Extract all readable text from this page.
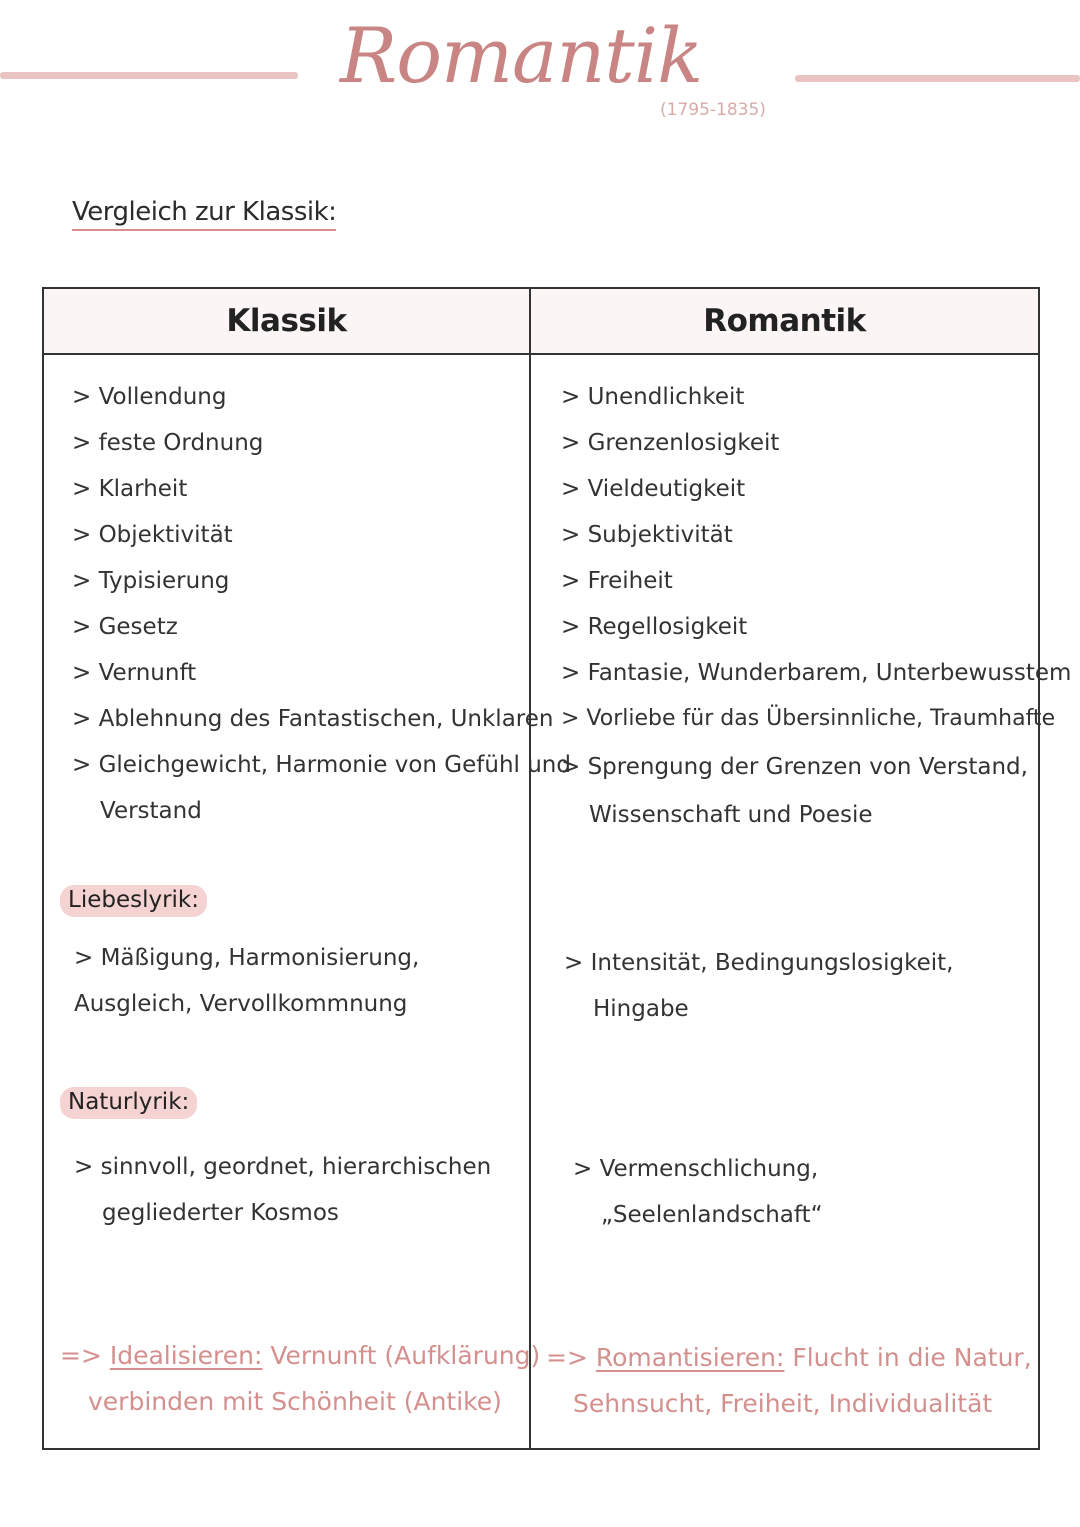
Romantik
(1795-1835)
Vergleich zur Klassik:
Klassik	Romantik
> Vollendung
> feste Ordnung
> Klarheit
> Objektivität
> Typisierung
> Gesetz
> Vernunft
> Ablehnung des Fantastischen, Unklaren
> Gleichgewicht, Harmonie von Gefühl und
Verstand
> Unendlichkeit
> Grenzenlosigkeit
> Vieldeutigkeit
> Subjektivität
> Freiheit
> Regellosigkeit
> Fantasie, Wunderbarem, Unterbewusstem
> Vorliebe für das Übersinnliche, Traumhafte
> Sprengung der Grenzen von Verstand,
Wissenschaft und Poesie
Liebeslyrik:
> Mäßigung, Harmonisierung,
Ausgleich, Vervollkommnung
> Intensität, Bedingungslosigkeit,
Hingabe
Naturlyrik:
> sinnvoll, geordnet, hierarchischen
gegliederter Kosmos
> Vermenschlichung,
„Seelenlandschaft“
=> Idealisieren: Vernunft (Aufklärung)
verbinden mit Schönheit (Antike)
=> Romantisieren: Flucht in die Natur,
Sehnsucht, Freiheit, Individualität
